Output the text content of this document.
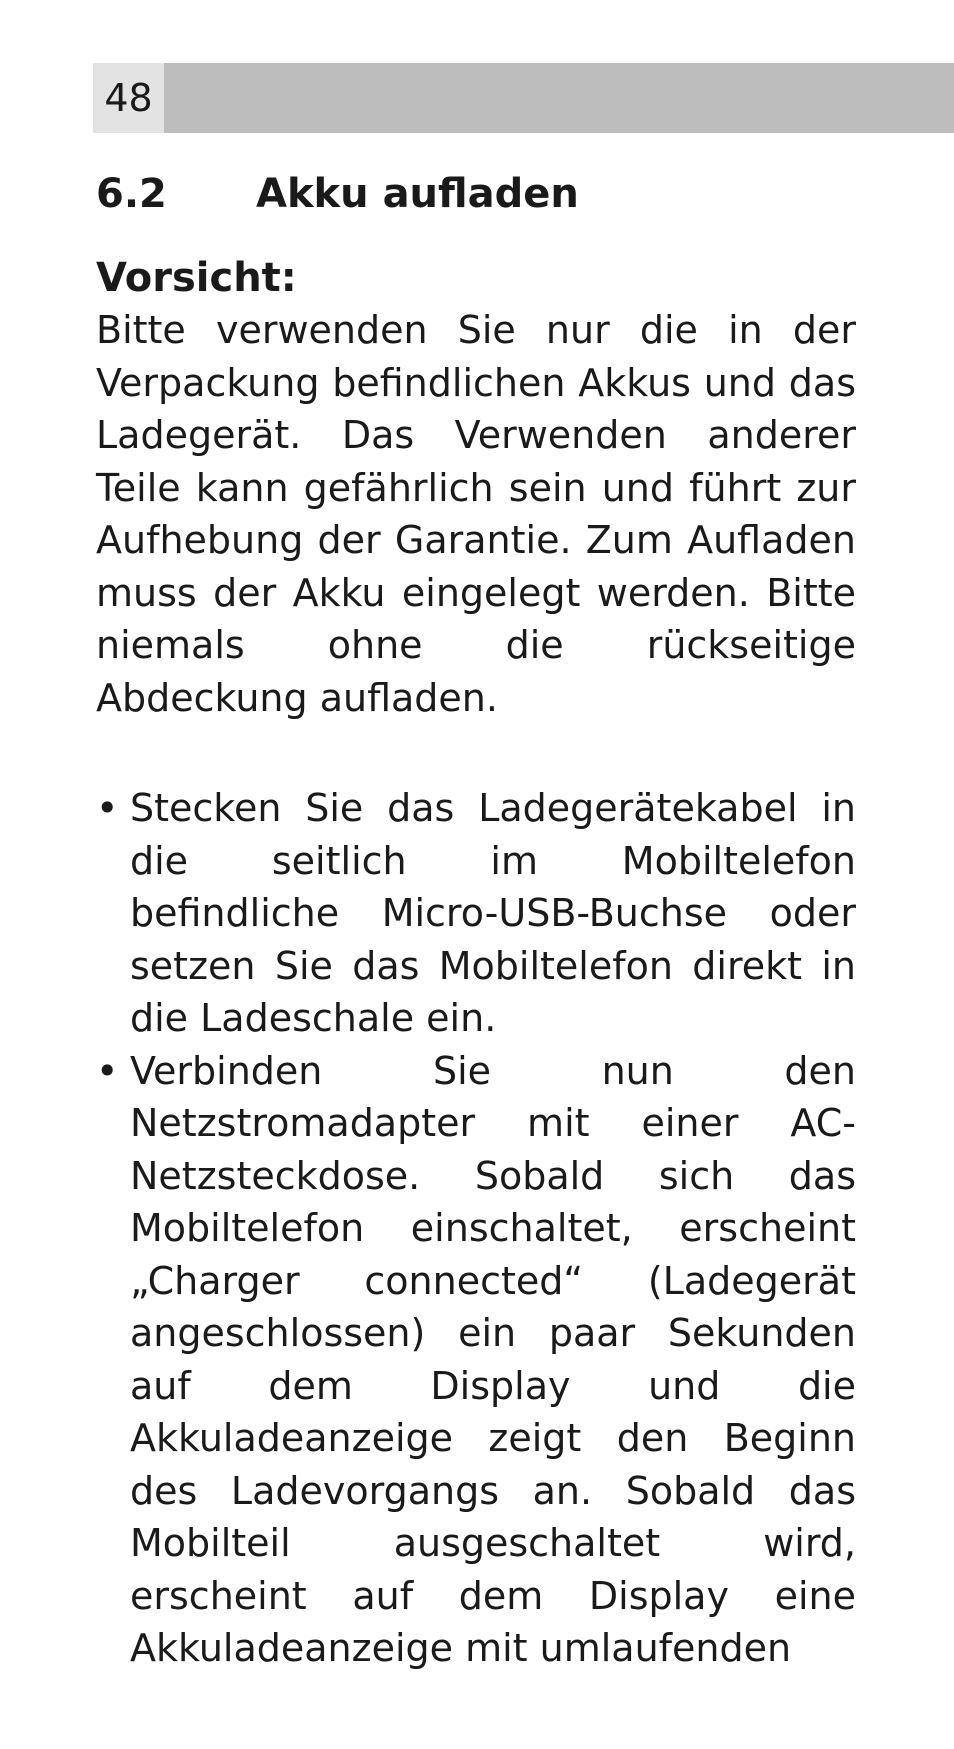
48
6.2 Akku aufladen

Vorsicht:

Bitte verwenden Sie nur die in der Verpackung befindlichen Akkus und das Ladegerät. Das Verwenden anderer Teile kann gefährlich sein und führt zur Aufhebung der Garantie. Zum Aufladen muss der Akku eingelegt werden. Bitte niemals ohne die rückseitige Abdeckung aufladen.

• Stecken Sie das Ladegerätekabel in die seitlich im Mobiltelefon befindliche Micro-USB-Buchse oder setzen Sie das Mobiltelefon direkt in die Ladeschale ein.
• Verbinden Sie nun den Netzstromadapter mit einer AC-Netzsteckdose. Sobald sich das Mobiltelefon einschaltet, erscheint „Charger connected“ (Ladegerät angeschlossen) ein paar Sekunden auf dem Display und die Akkuladeanzeige zeigt den Beginn des Ladevorgangs an. Sobald das Mobilteil ausgeschaltet wird, erscheint auf dem Display eine Akkuladeanzeige mit umlaufenden
